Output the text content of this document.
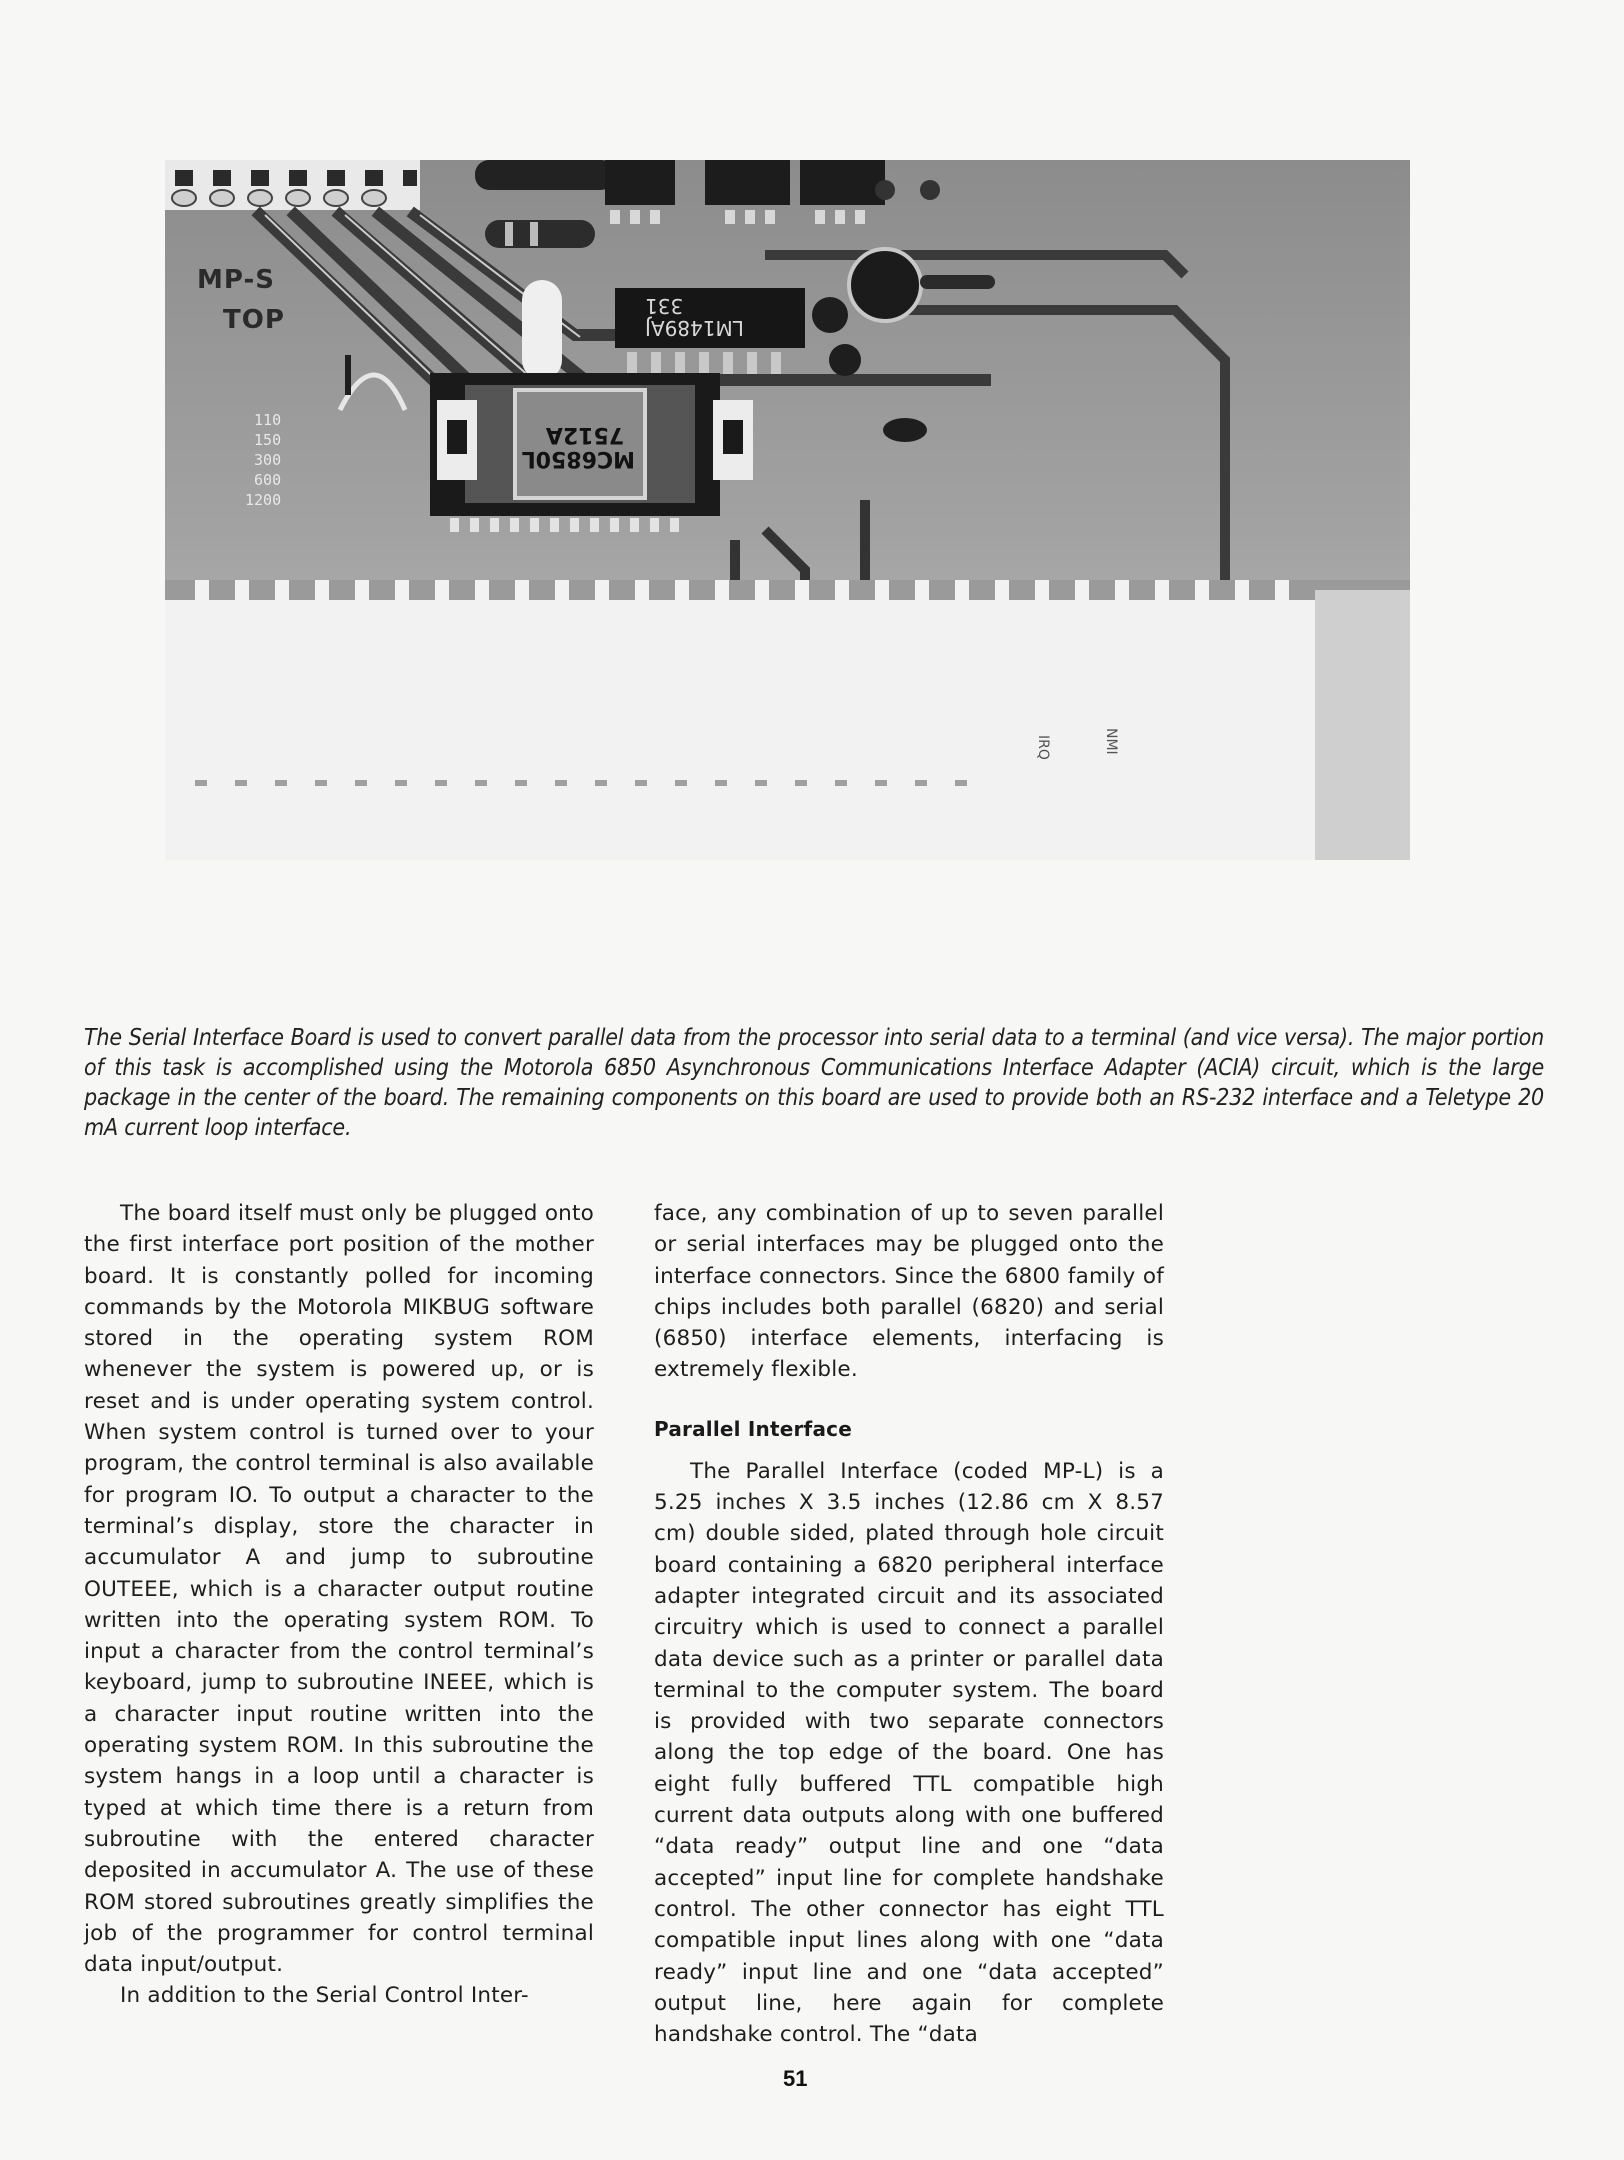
MP-S
TOP
MC6850L
7512A
LM1489AJ
331
110
150
300
600
1200
IRQ	NMI

The Serial Interface Board is used to convert parallel data from the processor into serial data to a terminal (and vice versa). The major portion of this task is accomplished using the Motorola 6850 Asynchronous Communications Interface Adapter (ACIA) circuit, which is the large package in the center of the board. The remaining components on this board are used to provide both an RS-232 interface and a Teletype 20 mA current loop interface.

The board itself must only be plugged onto the first interface port position of the mother board. It is constantly polled for incoming commands by the Motorola MIKBUG software stored in the operating system ROM whenever the system is powered up, or is reset and is under operating system control. When system control is turned over to your program, the control terminal is also available for program IO. To output a character to the terminal’s display, store the character in accumulator A and jump to subroutine OUTEEE, which is a character output routine written into the operating system ROM. To input a character from the control terminal’s keyboard, jump to subroutine INEEE, which is a character input routine written into the operating system ROM. In this subroutine the system hangs in a loop until a character is typed at which time there is a return from subroutine with the entered character deposited in accumulator A. The use of these ROM stored subroutines greatly simplifies the job of the programmer for control terminal data input/output.

In addition to the Serial Control Inter-

face, any combination of up to seven parallel or serial interfaces may be plugged onto the interface connectors. Since the 6800 family of chips includes both parallel (6820) and serial (6850) interface elements, interfacing is extremely flexible.

Parallel Interface

The Parallel Interface (coded MP-L) is a 5.25 inches X 3.5 inches (12.86 cm X 8.57 cm) double sided, plated through hole circuit board containing a 6820 peripheral interface adapter integrated circuit and its associated circuitry which is used to connect a parallel data device such as a printer or parallel data terminal to the computer system. The board is provided with two separate connectors along the top edge of the board. One has eight fully buffered TTL compatible high current data outputs along with one buffered “data ready” output line and one “data accepted” input line for complete handshake control. The other connector has eight TTL compatible input lines along with one “data ready” input line and one “data accepted” output line, here again for complete handshake control. The “data

51
